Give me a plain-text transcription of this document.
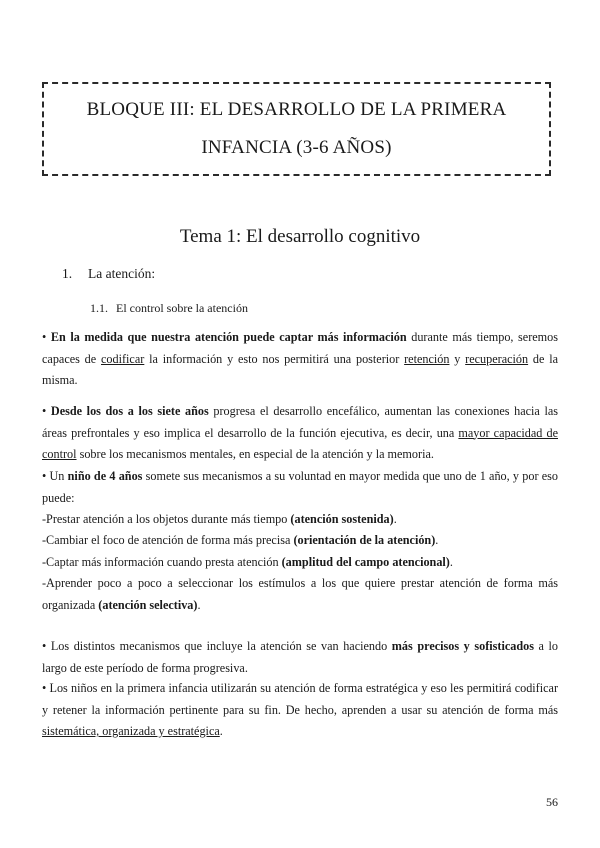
BLOQUE III: EL DESARROLLO DE LA PRIMERA
INFANCIA (3-6 AÑOS)
Tema 1: El desarrollo cognitivo
1. La atención:
1.1. El control sobre la atención
• En la medida que nuestra atención puede captar más información durante más tiempo, seremos capaces de codificar la información y esto nos permitirá una posterior retención y recuperación de la misma.
• Desde los dos a los siete años progresa el desarrollo encefálico, aumentan las conexiones hacia las áreas prefrontales y eso implica el desarrollo de la función ejecutiva, es decir, una mayor capacidad de control sobre los mecanismos mentales, en especial de la atención y la memoria.
• Un niño de 4 años somete sus mecanismos a su voluntad en mayor medida que uno de 1 año, y por eso puede:
-Prestar atención a los objetos durante más tiempo (atención sostenida).
-Cambiar el foco de atención de forma más precisa (orientación de la atención).
-Captar más información cuando presta atención (amplitud del campo atencional).
-Aprender poco a poco a seleccionar los estímulos a los que quiere prestar atención de forma más organizada (atención selectiva).
• Los distintos mecanismos que incluye la atención se van haciendo más precisos y sofisticados a lo largo de este período de forma progresiva.
• Los niños en la primera infancia utilizarán su atención de forma estratégica y eso les permitirá codificar y retener la información pertinente para su fin. De hecho, aprenden a usar su atención de forma más sistemática, organizada y estratégica.
56
